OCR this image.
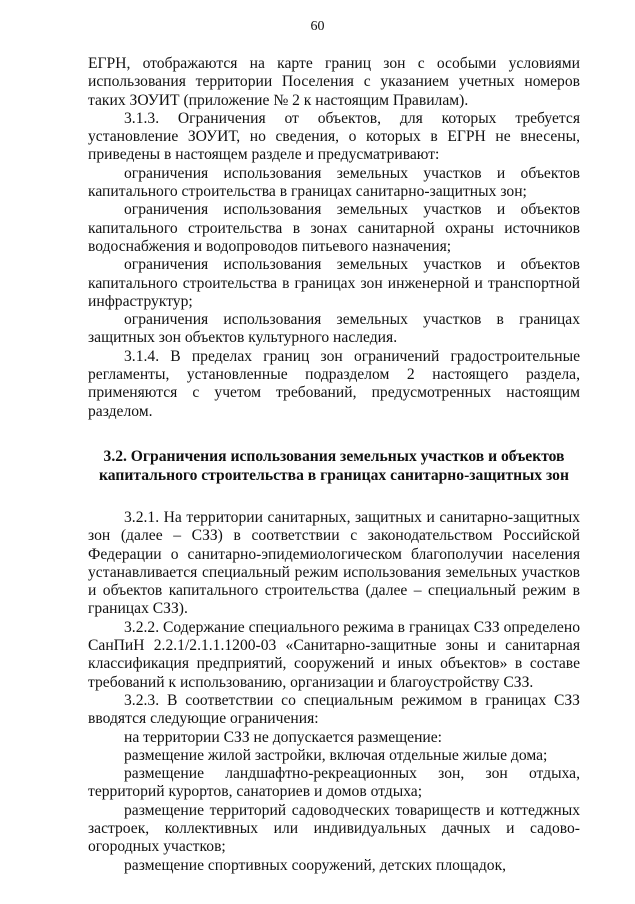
60

ЕГРН, отображаются на карте границ зон с особыми условиями использования территории Поселения с указанием учетных номеров таких ЗОУИТ (приложение № 2 к настоящим Правилам).

3.1.3. Ограничения от объектов, для которых требуется установление ЗОУИТ, но сведения, о которых в ЕГРН не внесены, приведены в настоящем разделе и предусматривают:

ограничения использования земельных участков и объектов капитального строительства в границах санитарно-защитных зон;

ограничения использования земельных участков и объектов капитального строительства в зонах санитарной охраны источников водоснабжения и водопроводов питьевого назначения;

ограничения использования земельных участков и объектов капитального строительства в границах зон инженерной и транспортной инфраструктур;

ограничения использования земельных участков в границах защитных зон объектов культурного наследия.

3.1.4. В пределах границ зон ограничений градостроительные регламенты, установленные подразделом 2 настоящего раздела, применяются с учетом требований, предусмотренных настоящим разделом.

3.2. Ограничения использования земельных участков и объектов капитального строительства в границах санитарно-защитных зон

3.2.1. На территории санитарных, защитных и санитарно-защитных зон (далее – СЗЗ) в соответствии с законодательством Российской Федерации о санитарно-эпидемиологическом благополучии населения устанавливается специальный режим использования земельных участков и объектов капитального строительства (далее – специальный режим в границах СЗЗ).

3.2.2. Содержание специального режима в границах СЗЗ определено СанПиН 2.2.1/2.1.1.1200-03 «Санитарно-защитные зоны и санитарная классификация предприятий, сооружений и иных объектов» в составе требований к использованию, организации и благоустройству СЗЗ.

3.2.3. В соответствии со специальным режимом в границах СЗЗ вводятся следующие ограничения:

на территории СЗЗ не допускается размещение:

размещение жилой застройки, включая отдельные жилые дома;

размещение ландшафтно-рекреационных зон, зон отдыха, территорий курортов, санаториев и домов отдыха;

размещение территорий садоводческих товариществ и коттеджных застроек, коллективных или индивидуальных дачных и садово-огородных участков;

размещение спортивных сооружений, детских площадок,
